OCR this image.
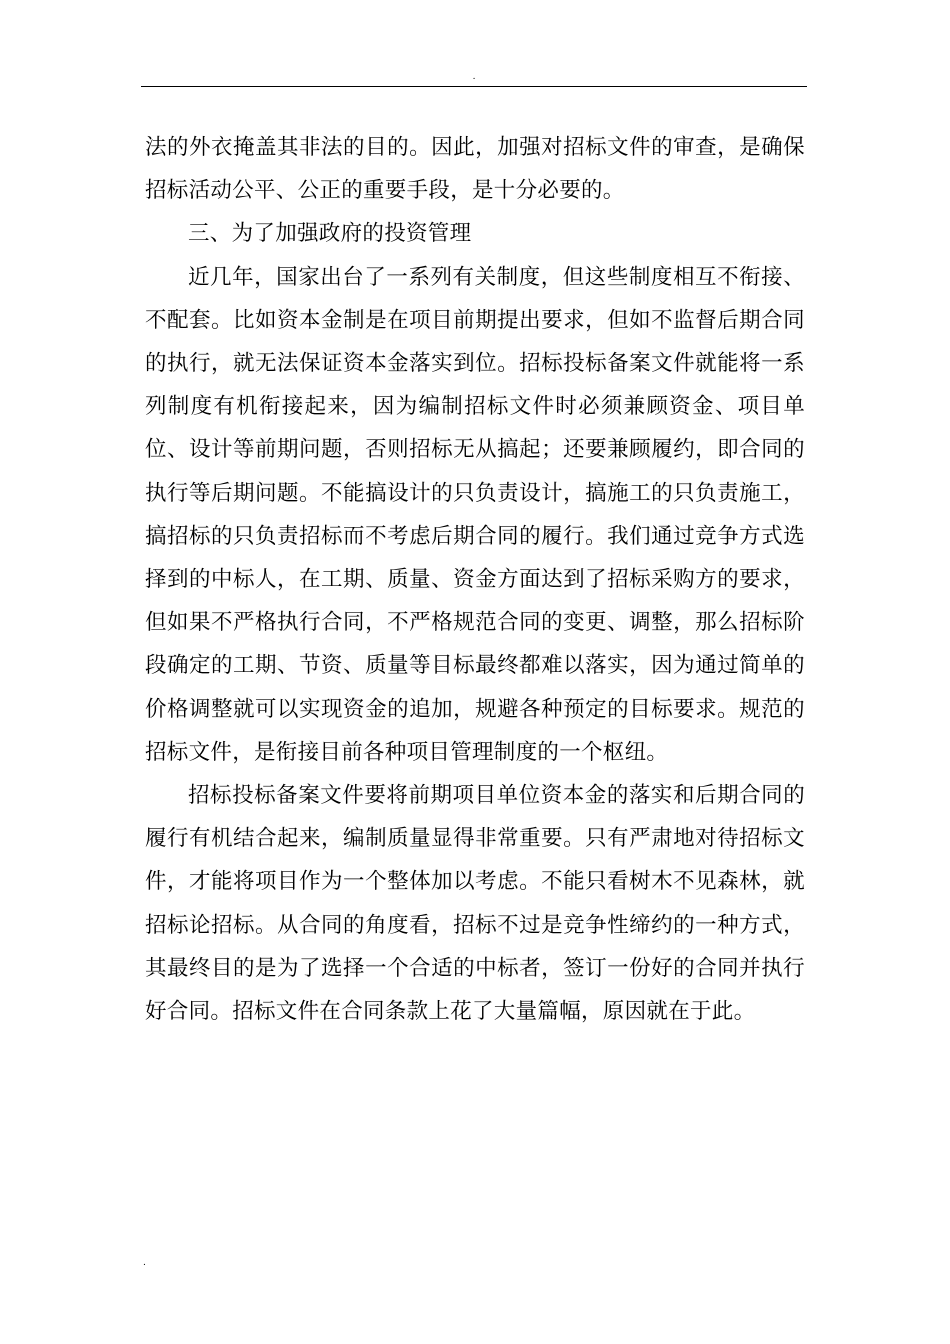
.

法的外衣掩盖其非法的目的。因此，加强对招标文件的审查，是确保招标活动公平、公正的重要手段，是十分必要的。

三、为了加强政府的投资管理

近几年，国家出台了一系列有关制度，但这些制度相互不衔接、不配套。比如资本金制是在项目前期提出要求，但如不监督后期合同的执行，就无法保证资本金落实到位。招标投标备案文件就能将一系列制度有机衔接起来，因为编制招标文件时必须兼顾资金、项目单位、设计等前期问题，否则招标无从搞起；还要兼顾履约，即合同的执行等后期问题。不能搞设计的只负责设计，搞施工的只负责施工，搞招标的只负责招标而不考虑后期合同的履行。我们通过竞争方式选择到的中标人，在工期、质量、资金方面达到了招标采购方的要求，但如果不严格执行合同，不严格规范合同的变更、调整，那么招标阶段确定的工期、节资、质量等目标最终都难以落实，因为通过简单的价格调整就可以实现资金的追加，规避各种预定的目标要求。规范的招标文件，是衔接目前各种项目管理制度的一个枢纽。

招标投标备案文件要将前期项目单位资本金的落实和后期合同的履行有机结合起来，编制质量显得非常重要。只有严肃地对待招标文件，才能将项目作为一个整体加以考虑。不能只看树木不见森林，就招标论招标。从合同的角度看，招标不过是竞争性缔约的一种方式，其最终目的是为了选择一个合适的中标者，签订一份好的合同并执行好合同。招标文件在合同条款上花了大量篇幅，原因就在于此。

.
